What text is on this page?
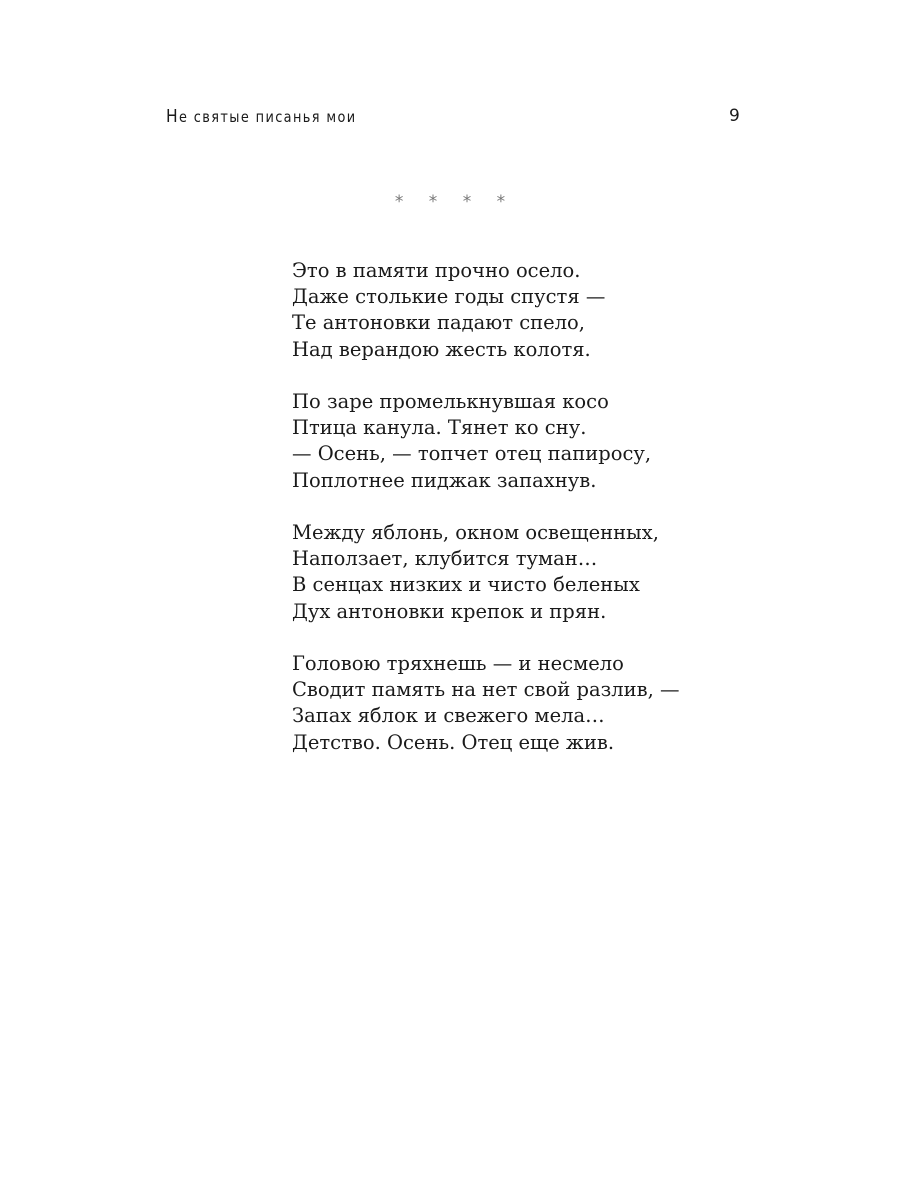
Не святые писанья мои	9
* * * *
Это в памяти прочно осело.
Даже столькие годы спустя —
Те антоновки падают спело,
Над верандою жесть колотя.
По заре промелькнувшая косо
Птица канула. Тянет ко сну.
— Осень, — топчет отец папиросу,
Поплотнее пиджак запахнув.
Между яблонь, окном освещенных,
Наползает, клубится туман…
В сенцах низких и чисто беленых
Дух антоновки крепок и прян.
Головою тряхнешь — и несмело
Сводит память на нет свой разлив, —
Запах яблок и свежего мела…
Детство. Осень. Отец еще жив.
